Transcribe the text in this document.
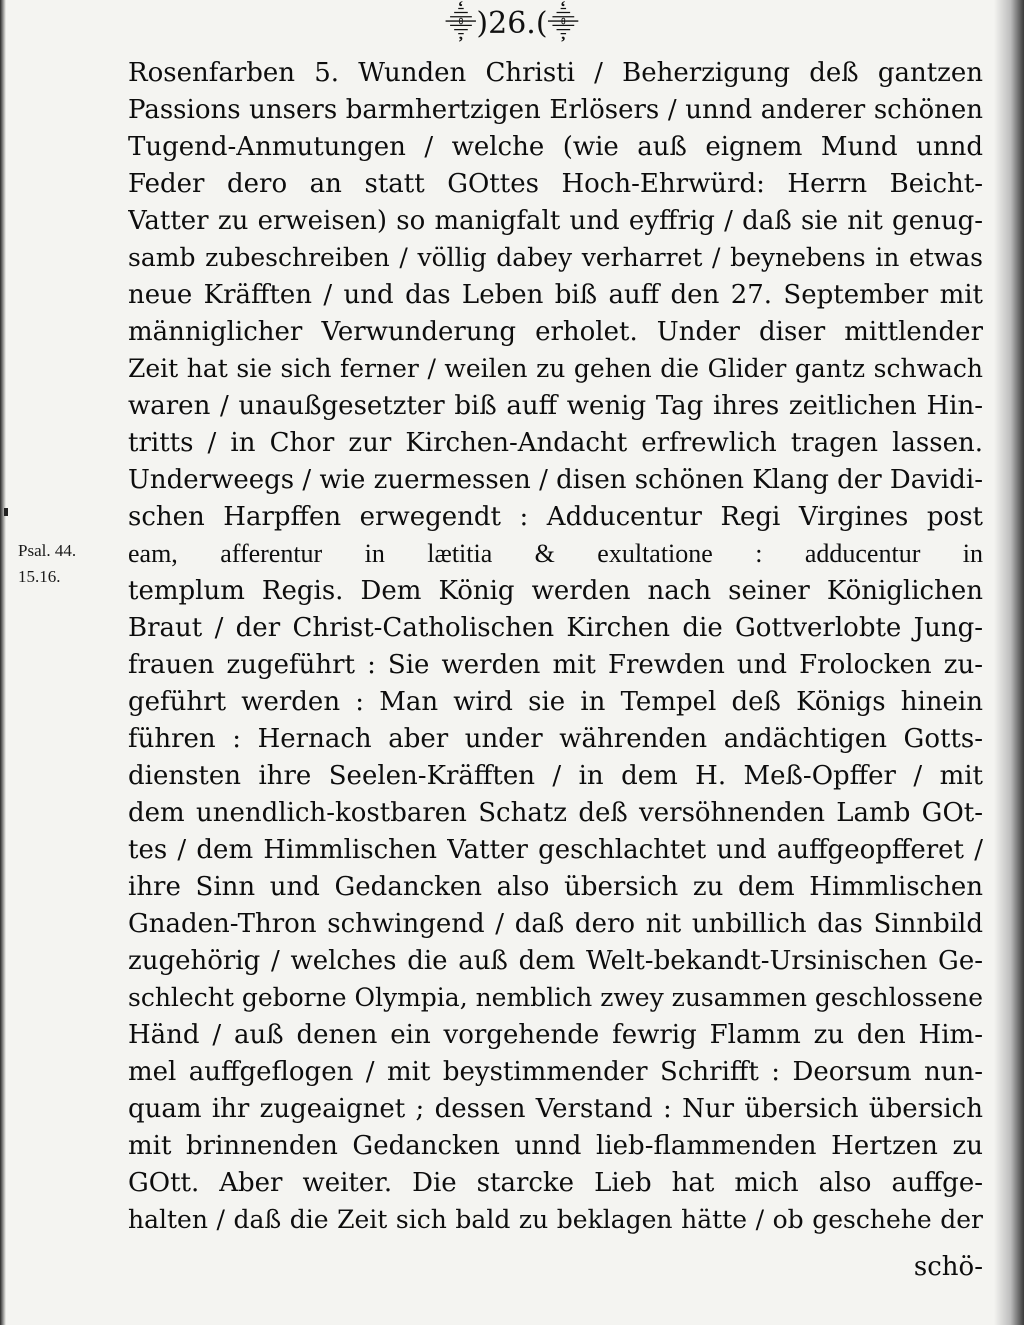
⸎)26.(⸎
Psal. 44.
15.16.
Rosenfarben 5. Wunden Christi / Beherzigung deß gantzen
Passions unsers barmhertzigen Erlösers / unnd anderer schönen
Tugend-Anmutungen / welche (wie auß eignem Mund unnd
Feder dero an statt GOttes Hoch-Ehrwürd: Herrn Beicht-
Vatter zu erweisen) so manigfalt und eyffrig / daß sie nit genug-
samb zubeschreiben / völlig dabey verharret / beynebens in etwas
neue Kräfften / und das Leben biß auff den 27. September mit
männiglicher Verwunderung erholet. Under diser mittlender
Zeit hat sie sich ferner / weilen zu gehen die Glider gantz schwach
waren / unaußgesetzter biß auff wenig Tag ihres zeitlichen Hin-
tritts / in Chor zur Kirchen-Andacht erfrewlich tragen lassen.
Underweegs / wie zuermessen / disen schönen Klang der Davidi-
schen Harpffen erwegendt : Adducentur Regi Virgines post
eam, afferentur in lætitia & exultatione : adducentur in
templum Regis. Dem König werden nach seiner Königlichen
Braut / der Christ-Catholischen Kirchen die Gottverlobte Jung-
frauen zugeführt : Sie werden mit Frewden und Frolocken zu-
geführt werden : Man wird sie in Tempel deß Königs hinein
führen : Hernach aber under währenden andächtigen Gotts-
diensten ihre Seelen-Kräfften / in dem H. Meß-Opffer / mit
dem unendlich-kostbaren Schatz deß versöhnenden Lamb GOt-
tes / dem Himmlischen Vatter geschlachtet und auffgeopfferet /
ihre Sinn und Gedancken also übersich zu dem Himmlischen
Gnaden-Thron schwingend / daß dero nit unbillich das Sinnbild
zugehörig / welches die auß dem Welt-bekandt-Ursinischen Ge-
schlecht geborne Olympia, nemblich zwey zusammen geschlossene
Händ / auß denen ein vorgehende fewrig Flamm zu den Him-
mel auffgeflogen / mit beystimmender Schrifft : Deorsum nun-
quam ihr zugeaignet ; dessen Verstand : Nur übersich übersich
mit brinnenden Gedancken unnd lieb-flammenden Hertzen zu
GOtt. Aber weiter. Die starcke Lieb hat mich also auffge-
halten / daß die Zeit sich bald zu beklagen hätte / ob geschehe der
schö-
